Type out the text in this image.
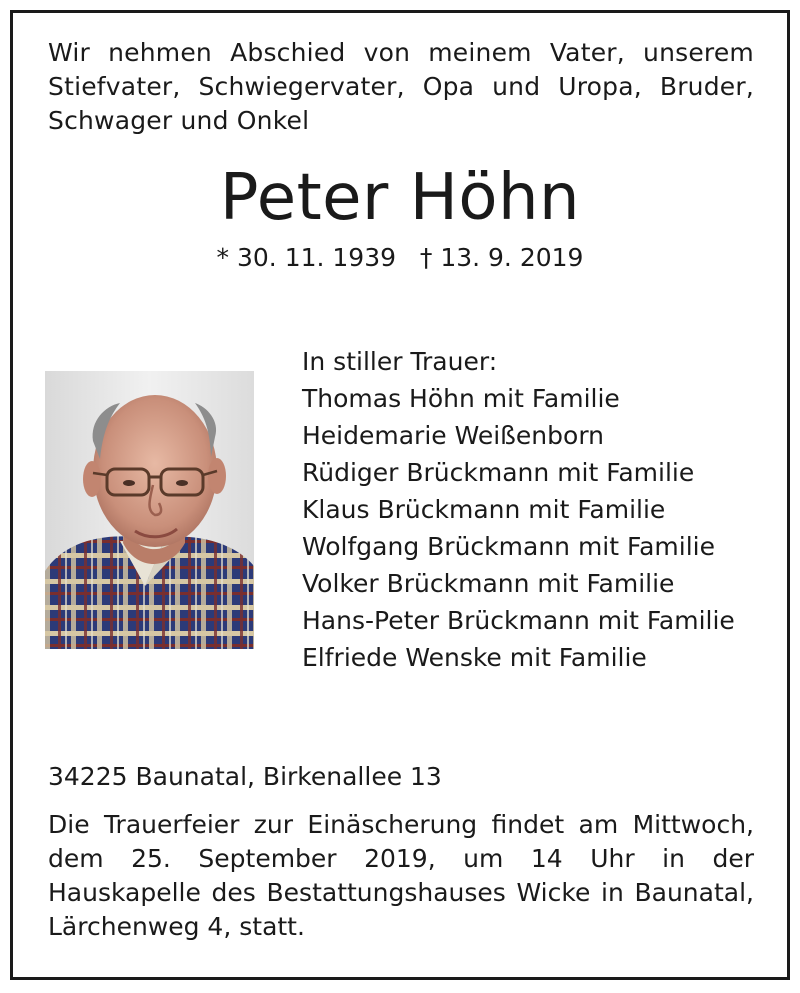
Wir nehmen Abschied von meinem Vater, unserem Stiefvater, Schwiegervater, Opa und Uropa, Bruder, Schwager und Onkel
Peter Höhn
* 30. 11. 1939   † 13. 9. 2019
In stiller Trauer:
Thomas Höhn mit Familie
Heidemarie Weißenborn
Rüdiger Brückmann mit Familie
Klaus Brückmann mit Familie
Wolfgang Brückmann mit Familie
Volker Brückmann mit Familie
Hans-Peter Brückmann mit Familie
Elfriede Wenske mit Familie
34225 Baunatal, Birkenallee 13
Die Trauerfeier zur Einäscherung findet am Mittwoch, dem 25. September 2019, um 14 Uhr in der Hauskapelle des Bestattungshauses Wicke in Baunatal, Lärchenweg 4, statt.
